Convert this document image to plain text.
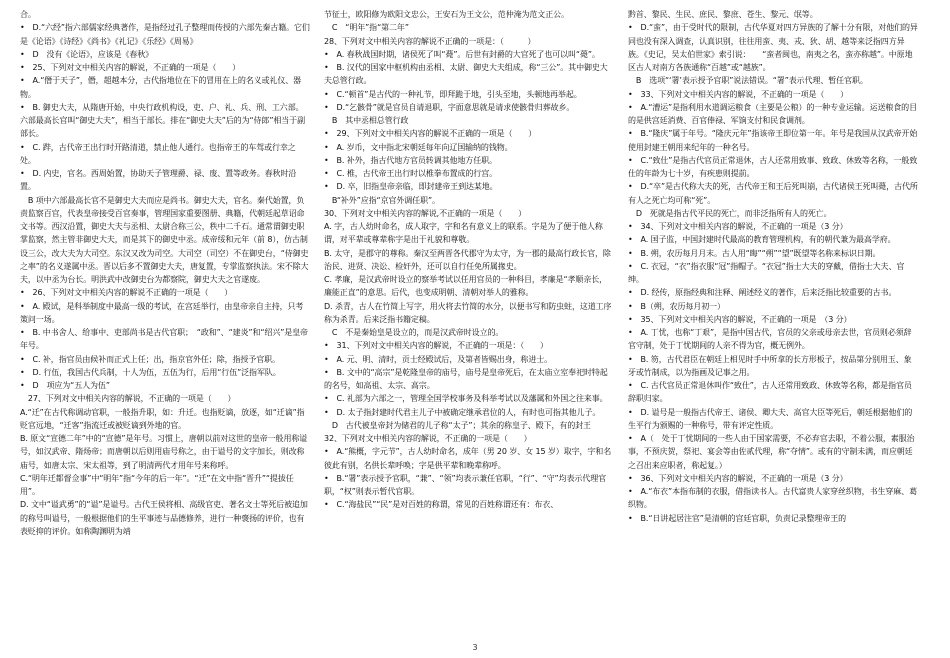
合。
•　D.“六经”指六部儒家经典著作，是指经过孔子整理而传授的六部先秦古籍。它们是《论语》《诗经》《尚书》《礼记》《乐经》《周易》
•　D　没有《论语》，应该是《春秋》
•　25、下列对文中相关内容的解说，不正确的一项是（　　）
•　A.“僭于天子”，僭，超越本分，古代指地位在下的冒用在上的名义或礼仪、器物。
•　B. 御史大夫，从隋唐开始，中央行政机构设，吏、户、礼、兵、刑、工六部。六部最高长官叫“御史大夫”，相当于部长。排在“御史大夫”后的为“侍郎”相当于副部长。
•　C. 跸，古代帝王出行时开路清道，禁止他人通行。也指帝王的车驾或行幸之处。
•　D. 内史，官名。西周始置，协助天子管理爵、禄、废、置等政务。春秋时沿置。
　B 项中六部最高长官不是御史大夫而应是尚书。御史大夫，官名。秦代始置，负责监察百官，代表皇帝接受百官奏事，管理国家重要图册、典籍，代朝廷起草诏命文书等。西汉沿置，御史大夫与丞相、太尉合称三公，秩中二千石。通常谓御史职掌监察，然主管非御史大夫，而是其下的御史中丞。成帝绥和元年（前 8），仿古制设三公，改大夫为大司空。东汉又改为司空。大司空（司空）不在御史台，“侍御史之率”的名义遂属中丞。晋以后多不置御史大夫，唐复置，专掌监察执法。宋不除大夫，以中丞为台长。明洪武中改御史台为都察院，御史大夫之官遂废。
•　26、下列对文中相关内容的解说不正确的一项是（　　）
•　A. 殿试，是科举制度中最高一级的考试，在宫廷举行，由皇帝亲自主持，只考策问一场。
•　B. 中书舍人、给事中、吏部尚书是古代官职；　“政和”、“建炎”和“绍兴”是皇帝年号。
•　C. 补，指官员由候补而正式上任；出，指京官外任；除，指授予官职。
•　D. 行伍，我国古代兵制，十人为伍，五伍为行，后用“行伍”泛指军队。
•　D　项应为“五人为伍”
　27、下列对文中相关内容的解说，不正确的一项是（　　）
A.“迁”在古代称调动官职，一般指升职，如：升迁。也指贬谪，放逐，如“迁谪”指贬官远地，“迁客”指流迁或被贬谪到外地的官。
B. 原文“宣德二年”中的“宣德”是年号。习惯上，唐朝以前对这世的皇帝一般用称谥号，如汉武帝、隋炀帝；而唐朝以后则用庙号称之，由于谥号的文字加长，则改称庙号，如唐太宗、宋太祖等，到了明清两代才用年号来称呼。
C.“明年迁都督佥事”中“明年”指“今年的后一年”。“迁”在文中指“晋升”“提拔任用”。
D. 文中“谥武勇”的“谥”是谥号。古代王侯将相、高级官吏、著名文士等死后被追加的称号叫谥号，一般根据他们的生平事迹与品德修养，进行一种褒扬的评价，也有表贬抑的评价。如称陶渊明为靖
节征士，欧阳修为欧阳文忠公，王安石为王文公，范仲淹为范文正公。
　C　“明年”指“第二年”
28、下列对文中相关内容的解说不正确的一项是：（　　　）
•　A. 春秋战国时期，诸侯死了叫“薨”。后世有封爵的大官死了也可以叫“薨”。
•　B. 汉代的国家中枢机构由丞相、太尉、御史大夫组成，称“三公”。其中御史大夫总管行政。
•　C.“顿首”是古代的一种礼节，即拜跪于地，引头至地，头顿地再举起。
•　D.“乞骸骨”就是官员自请退职，字面意思就是请求使骸骨归葬故乡。
　B　其中丞相总管行政
•　29、下列对文中相关内容的解说不正确的一项是（　　）
•　A. 岁币，文中指北宋朝廷每年向辽国输纳的钱物。
•　B. 补外，指古代地方官员转调其他地方任职。
•　C. 椎，古代帝王出行时以椎拳布置成的行宫。
•　D. 卒，旧指皇帝亲临，即封建帝王到达某地。
　B“补外”应指“京官外调任职”。
30、下列对文中相关内容的解说,不正确的一项是（　　）
A. 字，古人幼时命名，成人取字，字和名有意义上的联系。字是为了便于他人称谓，对平辈或尊辈称字是出于礼貌和尊敬。
B. 太守，是郡守的尊称。秦汉至两晋各代郡守为太守，为一郡的最高行政长官，除治民、进贤、决讼、检奸外，还可以自行任免所属掾史。
C. 孝廉，是汉武帝时设立的察举考试以任用官员的一种科目，孝廉是“孝顺亲长，廉能正直”的意思。后代，也变成明朝、清朝对举人的雅称。
D. 杀青，古人在竹简上写字，用火将去竹简的水分，以便书写和防虫蛀，这道工序称为杀青。后来泛指书籍定稿。
　C　不是秦始皇是设立的，而是汉武帝时设立的。
•　31、下列对文中相关内容的解说，不正确的一项是：（　　）
•　A. 元、明、清时，贡士经殿试后，及第者皆赐出身，称进士。
•　B. 文中的“高宗”是乾隆皇帝的庙号，庙号是皇帝死后，在太庙立室奉祀时特起的名号，如高祖、太宗、高宗。
•　C. 礼部为六部之一，管理全国学校事务及科举考试以及藩属和外国之往来事。
•　D. 太子指封建时代君主儿子中被确定继承君位的人，有时也可指其他儿子。
　D　古代被皇帝封为储君的儿子称“太子”；其余的称皇子、殿下，有的封王
32、下列对文中相关内容的解说，不正确的一项是（　　）
•　A.“熊概，字元节”，古人幼时命名，成年（男 20 岁、女 15 岁）取字，字和名彼此有别，名供长辈呼唤；字是供平辈和晚辈称呼。
•　B.“署”表示授予官职，“兼”、“领”均表示兼任官职，“行”、“守”均表示代理官职，“权”则表示暂代官职。
•　C.“海盐民”“民”是对百姓的称谓，常见的百姓称谓还有：布衣、
黔首、黎民、生民、庶民、黎庶、苍生、黎元、氓等。
•　D.“蛮”，由于受时代的限制，古代华夏对四方异族的了解十分有限，对他们的异同也没有深入调查，认真识别，往往用蛮、夷、戎、狄、胡、越等来泛指四方异族。《史记，吴太伯世家》索引说：　　“蛮者闽也，南夷之名，蛮亦称越”。中原地区古人对南方各族通称“百越”或“越族”。
　B　选项“‘署’表示授予官职”说法错误。“署”表示代理、暂任官职。
•　33、下列对文中相关内容的解说，不正确的一项是（　　）
•　A.“漕运”是指利用水道调运粮食（主要是公粮）的一种专业运输。运送粮食的目的是供宫廷消费、百官俸禄、军饷支付和民食调剂。
•　B.“隆庆”属于年号。“隆庆元年”指该帝王即位第一年。年号是我国从汉武帝开始使用封建王朝用来纪年的一种名号。
•　C.“致仕”是指古代官员正常退休，古人还常用致事、致政、休致等名称，一般致仕的年龄为七十岁，有疾患则提前。
•　D.“卒”是古代称大夫的死，古代帝王和王后死叫崩，古代诸侯王死叫薨，古代所有人之死亡均可称“死”。
　D　死就是指古代平民的死亡，而非泛指所有人的死亡。
•　34、下列对文中相关内容的解说，不正确的一项是（3 分）
•　A. 国子监，中国封建时代最高的教育管理机构，有的朝代兼为最高学府。
•　B. 朔，农历每月月末。古人用“晦”“朔”“望”既望等名称来标识日期。
•　C. 衣冠，“衣”指衣服“冠”指帽子。“衣冠”指士大夫的穿戴，借指士大夫、官绅。
•　D. 经传，原指经典和注释、阐述经义的著作，后来泛指比较重要的古书。
•　B（朔，农历每月初一）
•　35、下列对文中相关内容的解说，不正确的一项是　（3 分）
•　A. 丁忧，也称“丁艰”，是指中国古代，官员的父亲或母亲去世，官员则必须辞官守制，处于丁忧期间的人亲不得为官，概无例外。
•　B. 笏，古代君臣在朝廷上相见时手中所拿的长方形板子，按品第分别用玉、象牙或竹制成，以为指画及记事之用。
•　C. 古代官员正常退休叫作“致仕”，古人还常用致政、休致等名称，都是指官员辞职归家。
•　D. 谥号是一般指古代帝王、诸侯、卿大夫、高官大臣等死后，朝廷根据他们的生平行为颁赐的一种称号，带有评定性质。
•　A（　处于丁忧期间的一些人由于国家需要，不必弃官去职，不着公服，素服治事，不预庆贺，祭祀、宴会等由佐贰代理，称“夺情”。或有的守制未满，而应朝廷之召出来应职者，称起复。）
•　36、下列对文中相关内容的解说，不正确的一项是（3 分）
•　A.“布衣”本指布制的衣服，借指读书人。古代富贵人家穿丝织物，书生穿麻、葛织物。
•　B.“日讲起居注官”是清朝的宫廷官职，负责记录整理帝王的
3
